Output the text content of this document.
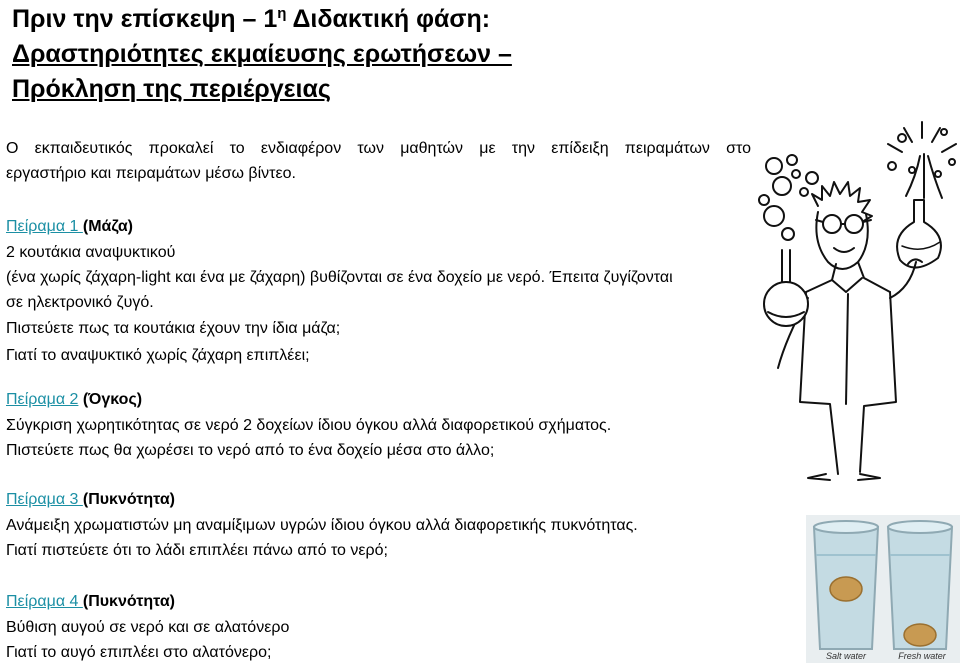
Πριν την επίσκεψη – $1^\eta$ Διδακτική φάση:
Δραστηριότητες εκμαίευσης ερωτήσεων –
Πρόκληση της περιέργειας
Ο εκπαιδευτικός προκαλεί το ενδιαφέρον των μαθητών με την επίδειξη πειραμάτων στο
εργαστήριο και πειραμάτων μέσω βίντεο.
Πείραμα 1 (Μάζα)
2 κουτάκια αναψυκτικού
(ένα χωρίς ζάχαρη-light και ένα με ζάχαρη) βυθίζονται σε ένα δοχείο με νερό. Έπειτα ζυγίζονται
σε ηλεκτρονικό ζυγό.
Πιστεύετε πως τα κουτάκια έχουν την ίδια μάζα;
Γιατί το αναψυκτικό χωρίς ζάχαρη επιπλέει;
Πείραμα 2 (Όγκος)
Σύγκριση χωρητικότητας σε νερό 2 δοχείων ίδιου όγκου αλλά διαφορετικού σχήματος.
Πιστεύετε πως θα χωρέσει το νερό από το ένα δοχείο μέσα στο άλλο;
Πείραμα 3 (Πυκνότητα)
Ανάμειξη χρωματιστών μη αναμίξιμων υγρών ίδιου όγκου αλλά διαφορετικής πυκνότητας.
Γιατί πιστεύετε ότι το λάδι επιπλέει πάνω από το νερό;
Πείραμα 4 (Πυκνότητα)
Βύθιση αυγού σε νερό και σε αλατόνερο
Γιατί το αυγό επιπλέει στο αλατόνερο;	Salt water	Fresh water
